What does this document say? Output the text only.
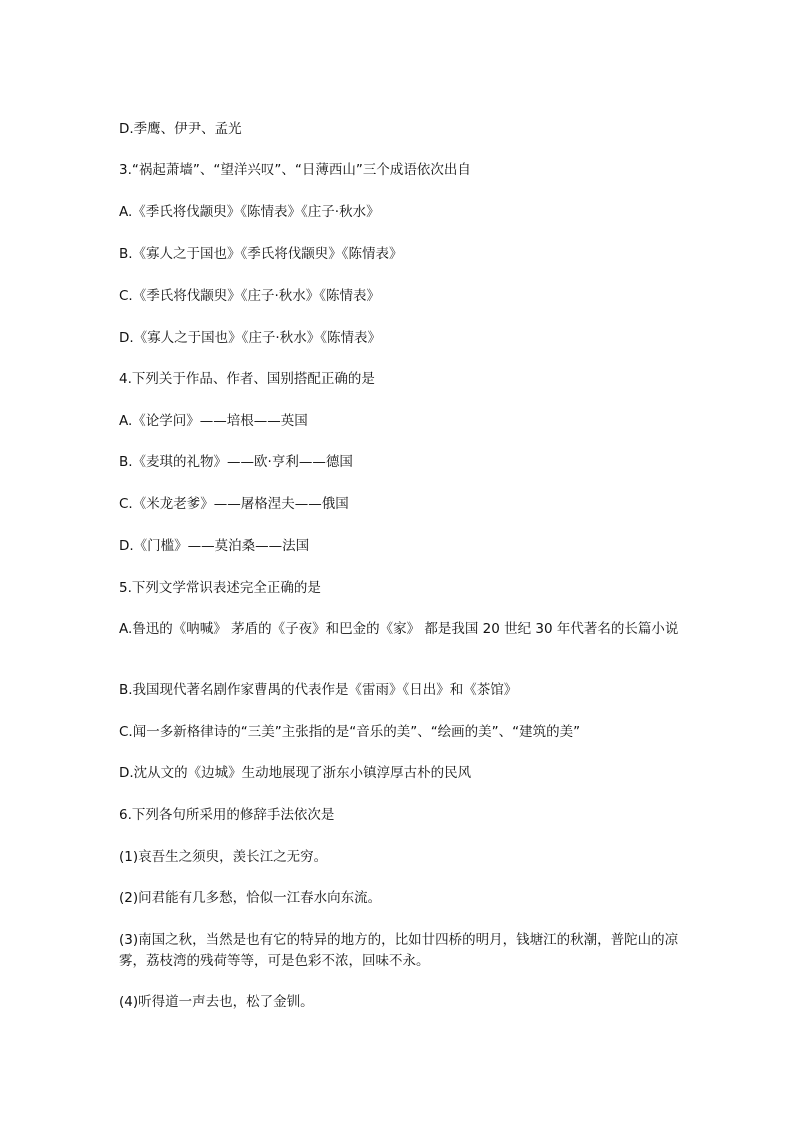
D.季鹰、伊尹、孟光
3.“祸起萧墙”、“望洋兴叹”、“日薄西山”三个成语依次出自
A.《季氏将伐颛臾》《陈情表》《庄子·秋水》
B.《寡人之于国也》《季氏将伐颛臾》《陈情表》
C.《季氏将伐颛臾》《庄子·秋水》《陈情表》
D.《寡人之于国也》《庄子·秋水》《陈情表》
4.下列关于作品、作者、国别搭配正确的是
A.《论学问》——培根——英国
B.《麦琪的礼物》——欧·亨利——德国
C.《米龙老爹》——屠格涅夫——俄国
D.《门槛》——莫泊桑——法国
5.下列文学常识表述完全正确的是
A.鲁迅的《呐喊》 茅盾的《子夜》和巴金的《家》 都是我国 20 世纪 30 年代著名的长篇小说
B.我国现代著名剧作家曹禺的代表作是《雷雨》《日出》和《茶馆》
C.闻一多新格律诗的“三美”主张指的是“音乐的美”、“绘画的美”、“建筑的美”
D.沈从文的《边城》生动地展现了浙东小镇淳厚古朴的民风
6.下列各句所采用的修辞手法依次是
(1)哀吾生之须臾，羡长江之无穷。
(2)问君能有几多愁，恰似一江春水向东流。
(3)南国之秋，当然是也有它的特异的地方的，比如廿四桥的明月，钱塘江的秋潮，普陀山的凉雾，荔枝湾的残荷等等，可是色彩不浓，回味不永。
(4)听得道一声去也，松了金钏。
